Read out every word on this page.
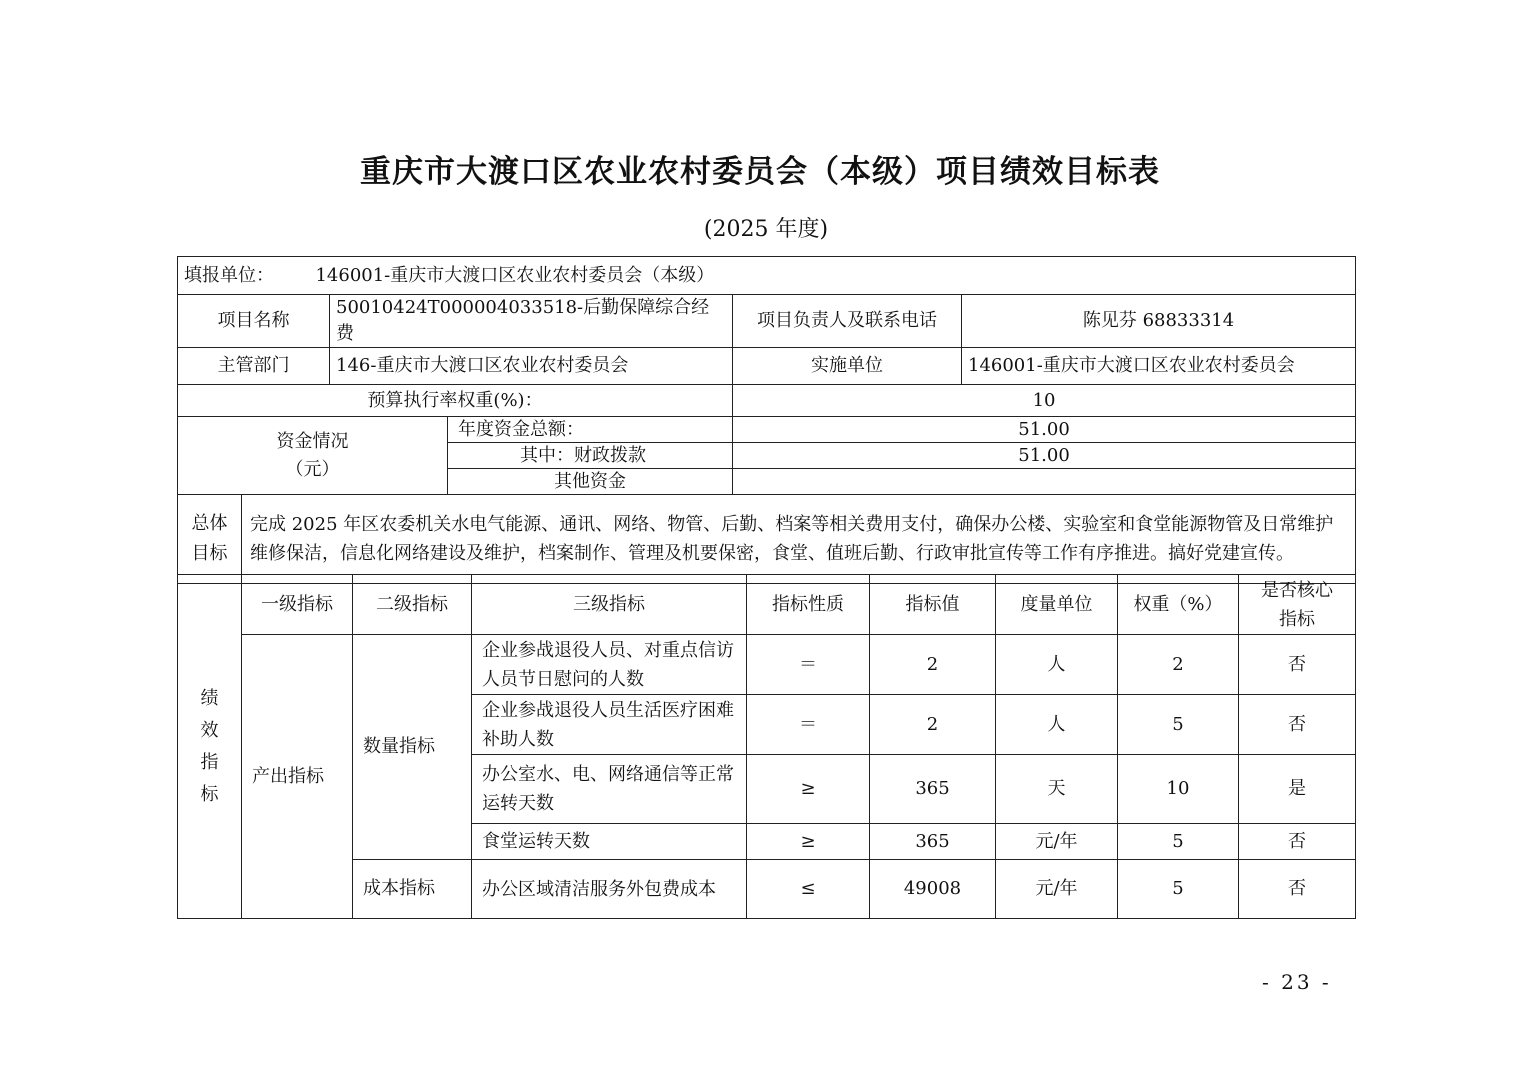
重庆市大渡口区农业农村委员会（本级）项目绩效目标表
(2025 年度)
填报单位： 146001-重庆市大渡口区农业农村委员会（本级）					
项目名称		50010424T000004033518-后勤保障综合经费		项目负责人及联系电话	陈见芬 68833314
主管部门		146-重庆市大渡口区农业农村委员会		实施单位	146001-重庆市大渡口区农业农村委员会
预算执行率权重(%)：				10	

资金情况
（元）			年度资金总额：	51.00	
			其中：财政拨款	51.00	
			其他资金		

总体
目标	完成 2025 年区农委机关水电气能源、通讯、网络、物管、后勤、档案等相关费用支付，确保办公楼、实验室和食堂能源物管及日常维护维修保洁，信息化网络建设及维护，档案制作、管理及机要保密，食堂、值班后勤、行政审批宣传等工作有序推进。搞好党建宣传。				
绩
效
指
标	一级指标	二级指标	三级指标	指标性质	指标值	度量单位	权重（%）	是否核心指标
	产出指标	数量指标	企业参战退役人员、对重点信访人员节日慰问的人数	＝	2	人	2	否
			企业参战退役人员生活医疗困难补助人数	＝	2	人	5	否
			办公室水、电、网络通信等正常运转天数	≥	365	天	10	是
			食堂运转天数	≥	365	元/年	5	否
		成本指标	办公区域清洁服务外包费成本	≤	49008	元/年	5	否
- 23 -
